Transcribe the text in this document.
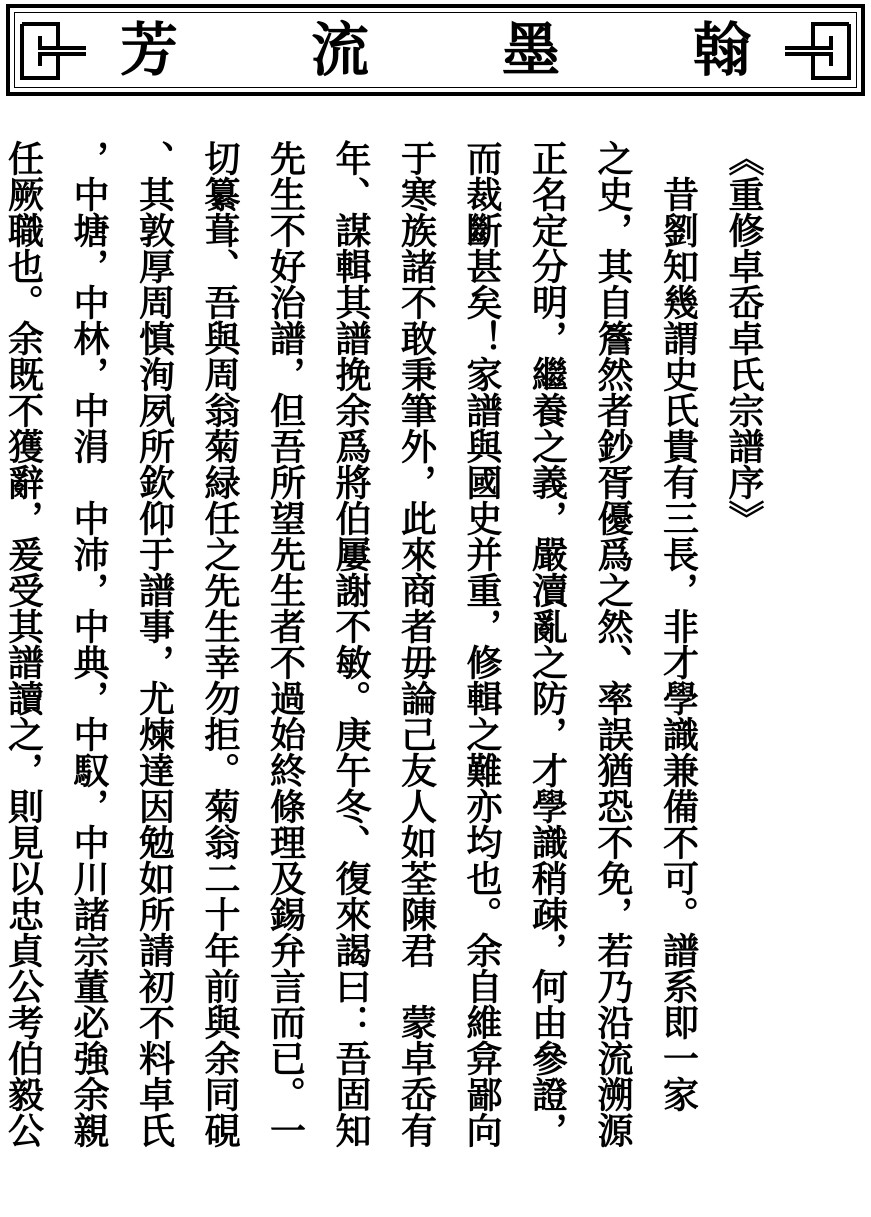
芳 流 墨 翰
《重修卓岙卓氏宗譜序》
昔劉知幾謂史氏貴有三長，非才學識兼備不可。譜系即一家
之史，其自簷然者鈔胥優爲之然、率誤猶恐不免，若乃沿流溯源
正名定分明，繼養之義，嚴瀆亂之防，才學識稍疎，何由參證，
而裁斷甚矣！家譜與國史并重，修輯之難亦均也。余自維弇鄙向
于寒族諸不敢秉筆外，此來商者毋論己友人如荃陳君　蒙卓岙有
年、謀輯其譜挽余爲將伯屢謝不敏。庚午冬、復來謁曰：吾固知
先生不好治譜，但吾所望先生者不過始終條理及錫弁言而已。一
切纂葺、吾與周翁菊緑任之先生幸勿拒。菊翁二十年前與余同硯
、其敦厚周慎洵夙所欽仰于譜事，尤煉達因勉如所請初不料卓氏
，中塘，中林，中涓　中沛，中典，中馭，中川諸宗董必強余親
任厥職也。余既不獲辭，爰受其譜讀之，則見以忠貞公考伯毅公
